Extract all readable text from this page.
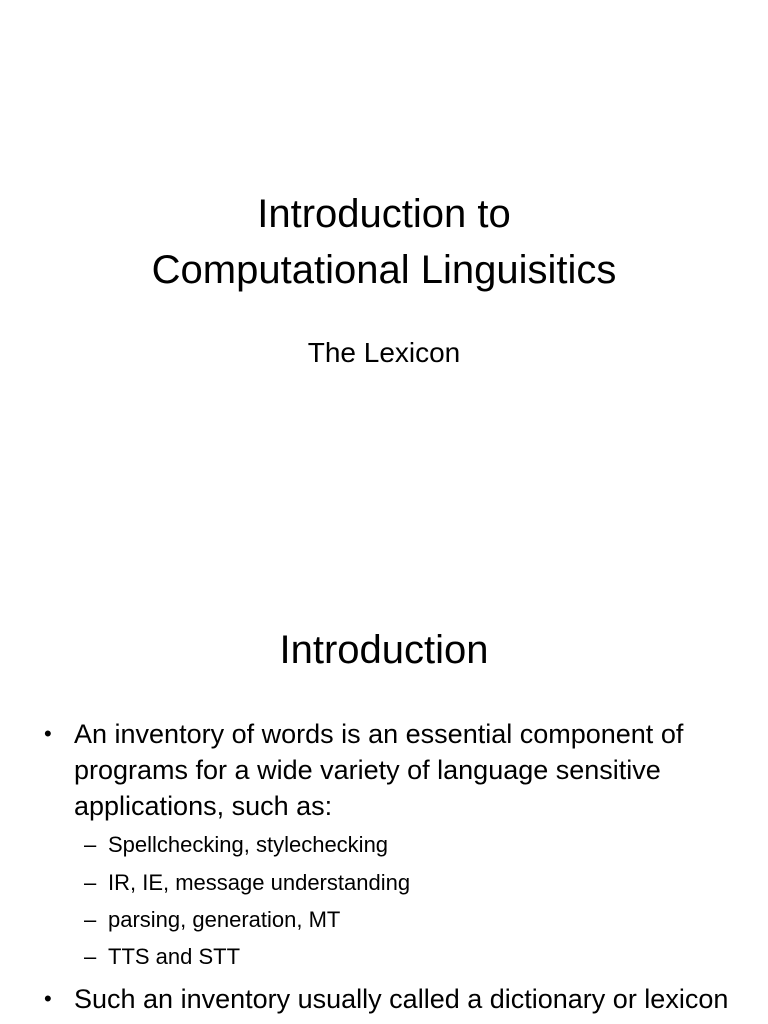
Introduction to
Computational Linguisitics
The Lexicon
Introduction
• An inventory of words is an essential component of programs for a wide variety of language sensitive applications, such as:
– Spellchecking, stylechecking
– IR, IE, message understanding
– parsing, generation, MT
– TTS and STT
• Such an inventory usually called a dictionary or lexicon
